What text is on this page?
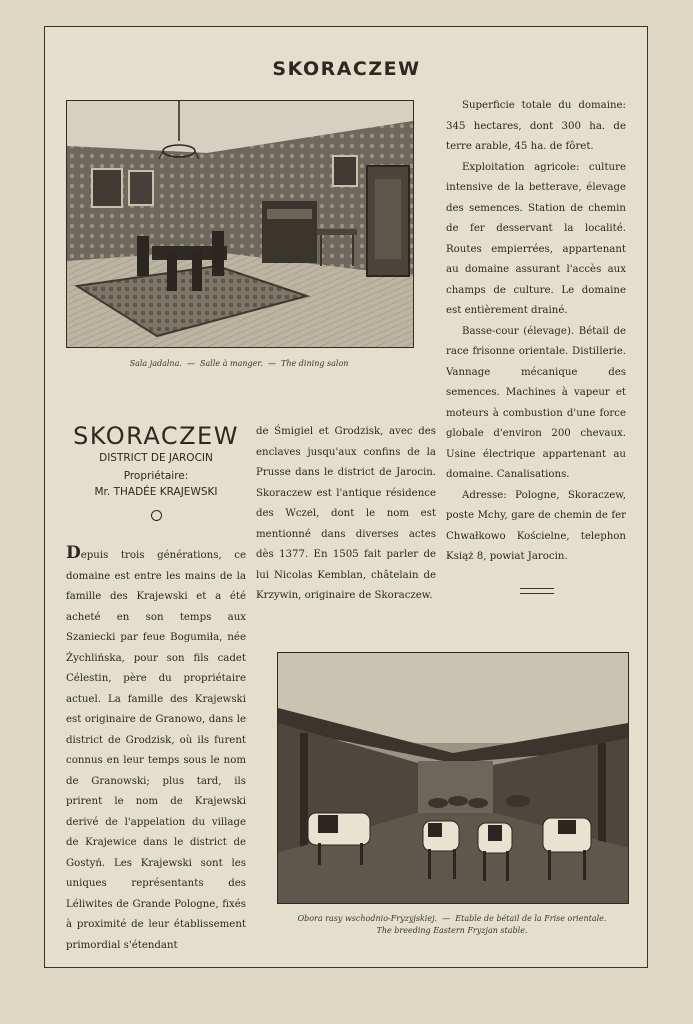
SKORACZEW
Sala jadalna.  —  Salle à manger.  —  The dining salon

Superficie totale du domaine: 345 hectares, dont 300 ha. de terre arable, 45 ha. de fôret.

Exploitation agricole: culture intensive de la betterave, élevage des semences. Station de chemin de fer desservant la localité. Routes empierrées, appartenant au domaine assurant l'accès aux champs de culture. Le domaine est entièrement drainé.

Basse-cour (élevage). Bétail de race frisonne orientale. Distillerie. Vannage mécanique des semences. Machines à vapeur et moteurs à combustion d'une force globale d'environ 200 chevaux. Usine électrique appartenant au domaine. Canalisations.

Adresse: Pologne, Skoraczew, poste Mchy, gare de chemin de fer Chwałkowo Kościelne, telephon Książ 8, powiat Jarocin.

SKORACZEW
DISTRICT DE JAROCIN
Propriétaire:
Mr. THADÉE KRAJEWSKI

Depuis trois générations, ce domaine est entre les mains de la famille des Krajewski et a été acheté en son temps aux Szaniecki par feue Bogumiła, née Żychlińska, pour son fils cadet Célestin, père du propriétaire actuel. La famille des Krajewski est originaire de Granowo, dans le district de Grodzisk, où ils furent connus en leur temps sous le nom de Granowski; plus tard, ils prirent le nom de Krajewski derivé de l'appelation du village de Krajewice dans le district de Gostyń. Les Krajewski sont les uniques représentants des Léliwites de Grande Pologne, fixés à proximité de leur établissement primordial s'étendant

de Śmigiel et Grodzisk, avec des enclaves jusqu'aux confins de la Prusse dans le district de Jarocin. Skoraczew est l'antique résidence des Wczel, dont le nom est mentionné dans diverses actes dès 1377. En 1505 fait parler de lui Nicolas Kemblan, châtelain de Krzywin, originaire de Skoraczew.

Obora rasy wschodnio-Fryzyjskiej.  —  Etable de bétail de la Frise orientale.
The breeding Eastern Fryzjan stable.
